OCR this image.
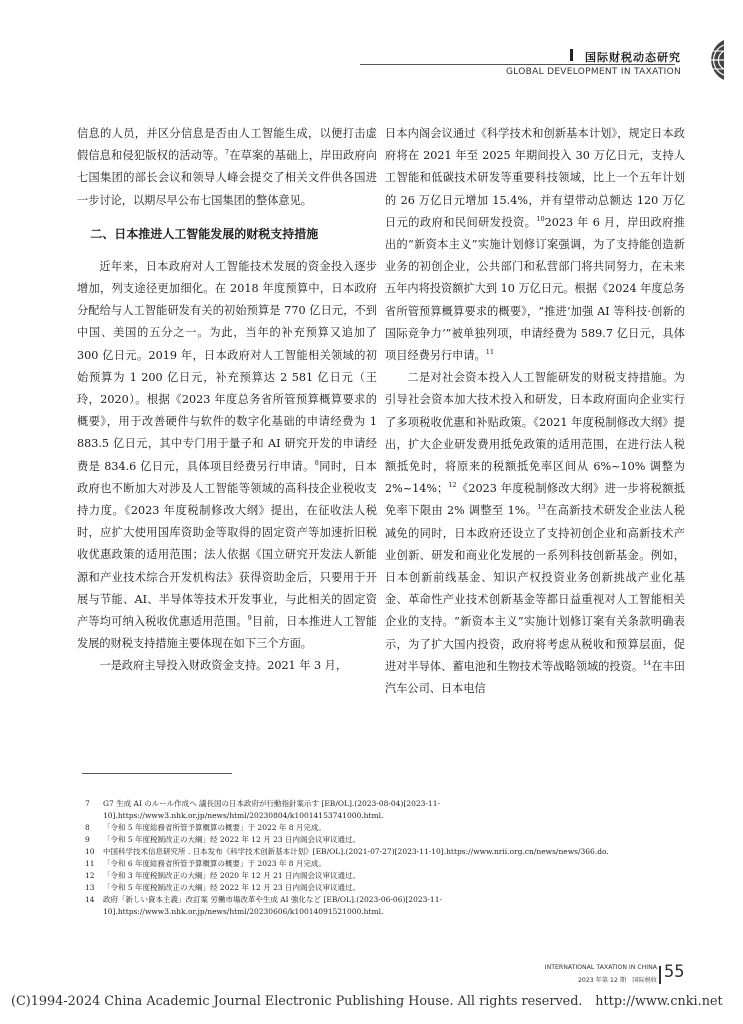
国际财税动态研究
GLOBAL DEVELOPMENT IN TAXATION

信息的人员，并区分信息是否由人工智能生成，以便打击虚假信息和侵犯版权的活动等。$^7$在草案的基础上，岸田政府向七国集团的部长会议和领导人峰会提交了相关文件供各国进一步讨论，以期尽早公布七国集团的整体意见。

二、日本推进人工智能发展的财税支持措施

近年来，日本政府对人工智能技术发展的资金投入逐步增加，列支途径更加细化。在 2018 年度预算中，日本政府分配给与人工智能研发有关的初始预算是 770 亿日元，不到中国、美国的五分之一。为此，当年的补充预算又追加了 300 亿日元。2019 年，日本政府对人工智能相关领域的初始预算为 1 200 亿日元，补充预算达 2 581 亿日元（王玲，2020）。根据《2023 年度总务省所管预算概算要求的概要》，用于改善硬件与软件的数字化基础的申请经费为 1 883.5 亿日元，其中专门用于量子和 AI 研究开发的申请经费是 834.6 亿日元，具体项目经费另行申请。$^8$同时，日本政府也不断加大对涉及人工智能等领域的高科技企业税收支持力度。《2023 年度税制修改大纲》提出，在征收法人税时，应扩大使用国库资助金等取得的固定资产等加速折旧税收优惠政策的适用范围；法人依据《国立研究开发法人新能源和产业技术综合开发机构法》获得资助金后，只要用于开展与节能、AI、半导体等技术开发事业，与此相关的固定资产等均可纳入税收优惠适用范围。$^9$目前，日本推进人工智能发展的财税支持措施主要体现在如下三个方面。

一是政府主导投入财政资金支持。2021 年 3 月，

日本内阁会议通过《科学技术和创新基本计划》，规定日本政府将在 2021 年至 2025 年期间投入 30 万亿日元，支持人工智能和低碳技术研发等重要科技领域，比上一个五年计划的 26 万亿日元增加 15.4%，并有望带动总额达 120 万亿日元的政府和民间研发投资。$^{10}$2023 年 6 月，岸田政府推出的“新资本主义”实施计划修订案强调，为了支持能创造新业务的初创企业，公共部门和私营部门将共同努力，在未来五年内将投资额扩大到 10 万亿日元。根据《2024 年度总务省所管预算概算要求的概要》，“推进‘加强 AI 等科技·创新的国际竞争力’”被单独列项，申请经费为 589.7 亿日元，具体项目经费另行申请。$^{11}$

二是对社会资本投入人工智能研发的财税支持措施。为引导社会资本加大技术投入和研发，日本政府面向企业实行了多项税收优惠和补贴政策。《2021 年度税制修改大纲》提出，扩大企业研发费用抵免政策的适用范围，在进行法人税额抵免时，将原来的税额抵免率区间从 6%~10% 调整为 2%~14%；$^{12}$《2023 年度税制修改大纲》进一步将税额抵免率下限由 2% 调整至 1%。$^{13}$在高新技术研发企业法人税减免的同时，日本政府还设立了支持初创企业和高新技术产业创新、研发和商业化发展的一系列科技创新基金。例如，日本创新前线基金、知识产权投资业务创新挑战产业化基金、革命性产业技术创新基金等都日益重视对人工智能相关企业的支持。“新资本主义”实施计划修订案有关条款明确表示，为了扩大国内投资，政府将考虑从税收和预算层面，促进对半导体、蓄电池和生物技术等战略领域的投资。$^{14}$在丰田汽车公司、日本电信

7	G7 生成 AI のルール作成へ 議長国の日本政府が行動指針案示す [EB/OL].(2023-08-04)[2023-11-10].https://www3.nhk.or.jp/news/html/20230804/k10014153741000.html.
8	「令和 5 年度総務省所管予算概算の概要」于 2022 年 8 月完成。
9	「令和 5 年度税制改正の大綱」经 2022 年 12 月 23 日内阁会议审议通过。
10	中国科学技术信息研究所 . 日本发布《科学技术创新基本计划》[EB/OL].(2021-07-27)[2023-11-10].https://www.nrii.org.cn/news/news/366.do.
11	「令和 6 年度総務省所管予算概算の概要」于 2023 年 8 月完成。
12	「令和 3 年度税制改正の大綱」经 2020 年 12 月 21 日内阁会议审议通过。
13	「令和 5 年度税制改正の大綱」经 2022 年 12 月 23 日内阁会议审议通过。
14	政府「新しい資本主義」改訂案 労働市場改革や生成 AI 強化など [EB/OL].(2023-06-06)[2023-11-10].https://www3.nhk.or.jp/news/html/20230606/k10014091521000.html.
INTERNATIONAL TAXATION IN CHINA
2023 年第 12 期　国际税收 55
(C)1994-2024 China Academic Journal Electronic Publishing House. All rights reserved.　http://www.cnki.net
